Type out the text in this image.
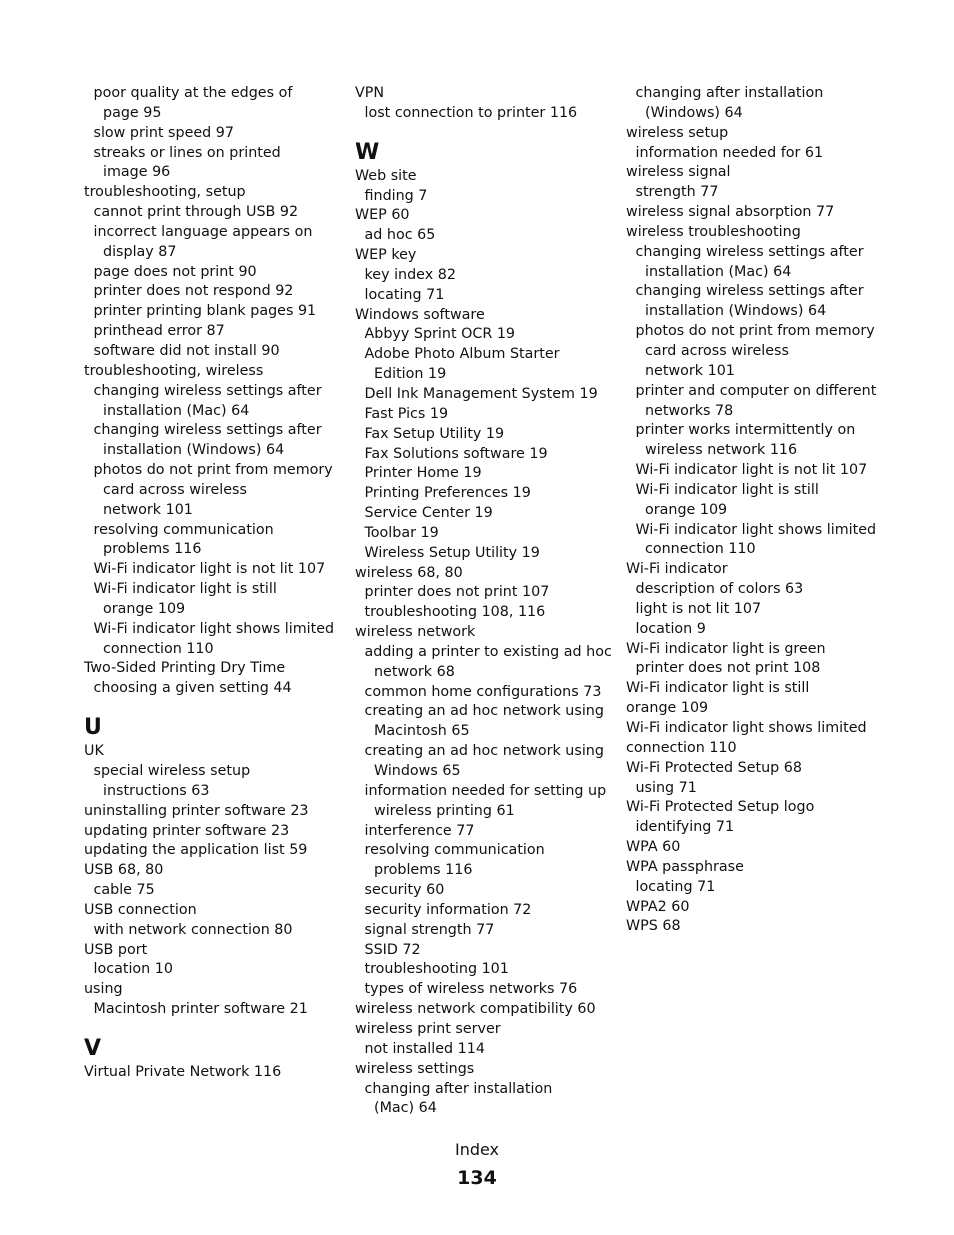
poor quality at the edges of
page 95
slow print speed 97
streaks or lines on printed
image 96
troubleshooting, setup
cannot print through USB 92
incorrect language appears on
display 87
page does not print 90
printer does not respond 92
printer printing blank pages 91
printhead error 87
software did not install 90
troubleshooting, wireless
changing wireless settings after
installation (Mac) 64
changing wireless settings after
installation (Windows) 64
photos do not print from memory
card across wireless
network 101
resolving communication
problems 116
Wi-Fi indicator light is not lit 107
Wi-Fi indicator light is still
orange 109
Wi-Fi indicator light shows limited
connection 110
Two-Sided Printing Dry Time
choosing a given setting 44
U
UK
special wireless setup
instructions 63
uninstalling printer software 23
updating printer software 23
updating the application list 59
USB 68, 80
cable 75
USB connection
with network connection 80
USB port
location 10
using
Macintosh printer software 21
V
Virtual Private Network 116
VPN
lost connection to printer 116
W
Web site
finding 7
WEP 60
ad hoc 65
WEP key
key index 82
locating 71
Windows software
Abbyy Sprint OCR 19
Adobe Photo Album Starter
Edition 19
Dell Ink Management System 19
Fast Pics 19
Fax Setup Utility 19
Fax Solutions software 19
Printer Home 19
Printing Preferences 19
Service Center 19
Toolbar 19
Wireless Setup Utility 19
wireless 68, 80
printer does not print 107
troubleshooting 108, 116
wireless network
adding a printer to existing ad hoc
network 68
common home configurations 73
creating an ad hoc network using
Macintosh 65
creating an ad hoc network using
Windows 65
information needed for setting up
wireless printing 61
interference 77
resolving communication
problems 116
security 60
security information 72
signal strength 77
SSID 72
troubleshooting 101
types of wireless networks 76
wireless network compatibility 60
wireless print server
not installed 114
wireless settings
changing after installation
(Mac) 64
changing after installation
(Windows) 64
wireless setup
information needed for 61
wireless signal
strength 77
wireless signal absorption 77
wireless troubleshooting
changing wireless settings after
installation (Mac) 64
changing wireless settings after
installation (Windows) 64
photos do not print from memory
card across wireless
network 101
printer and computer on different
networks 78
printer works intermittently on
wireless network 116
Wi-Fi indicator light is not lit 107
Wi-Fi indicator light is still
orange 109
Wi-Fi indicator light shows limited
connection 110
Wi-Fi indicator
description of colors 63
light is not lit 107
location 9
Wi-Fi indicator light is green
printer does not print 108
Wi-Fi indicator light is still
orange 109
Wi-Fi indicator light shows limited
connection 110
Wi-Fi Protected Setup 68
using 71
Wi-Fi Protected Setup logo
identifying 71
WPA 60
WPA passphrase
locating 71
WPA2 60
WPS 68
Index
134
